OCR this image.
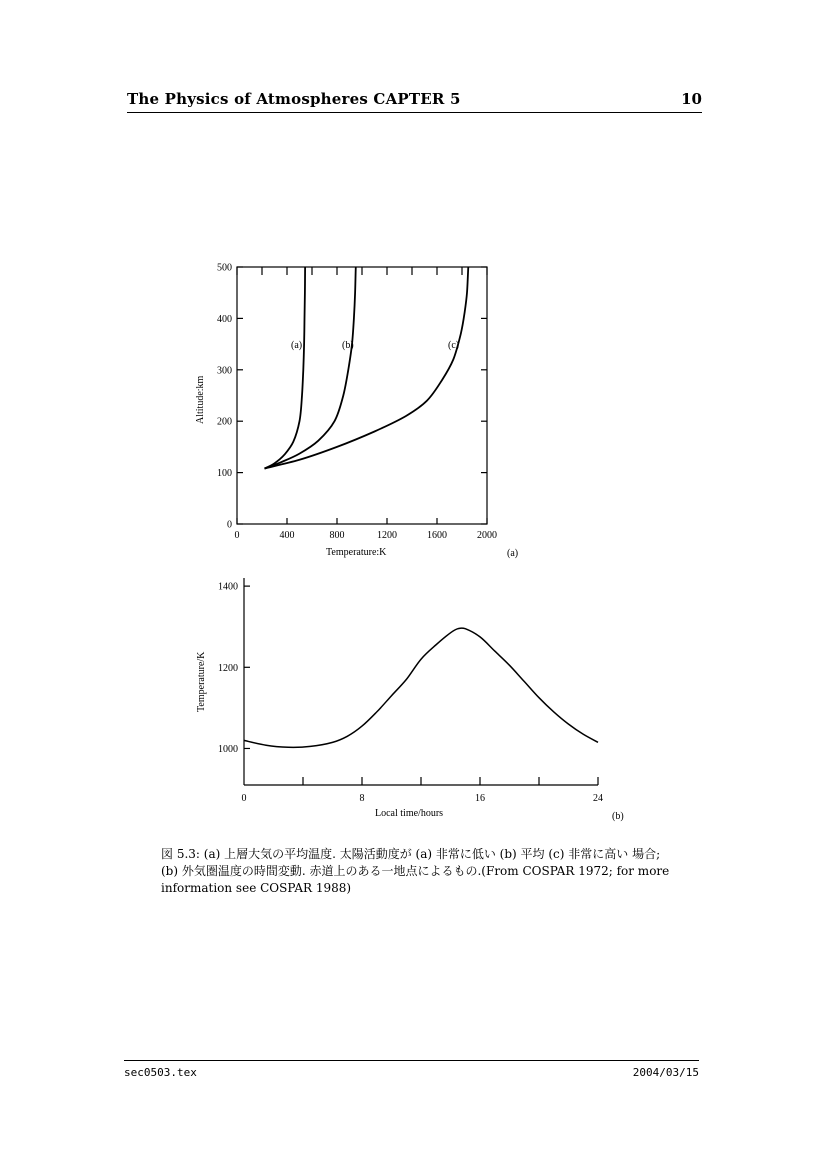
The Physics of Atmospheres CAPTER 5	10
0	400	800	1200	1600	2000
0
100
200
300
400
500
(a)	(b)	(c)
Temperature:K
Altitude:km
(a)
0	8	16	24
1000
1200
1400
Local time/hours
Temperature/K
(b)
図 5.3: (a) 上層大気の平均温度. 太陽活動度が (a) 非常に低い (b) 平均 (c) 非常に高い 場合;
(b) 外気圏温度の時間変動. 赤道上のある一地点によるもの.(From COSPAR 1972; for more
information see COSPAR 1988)
sec0503.tex	2004/03/15
